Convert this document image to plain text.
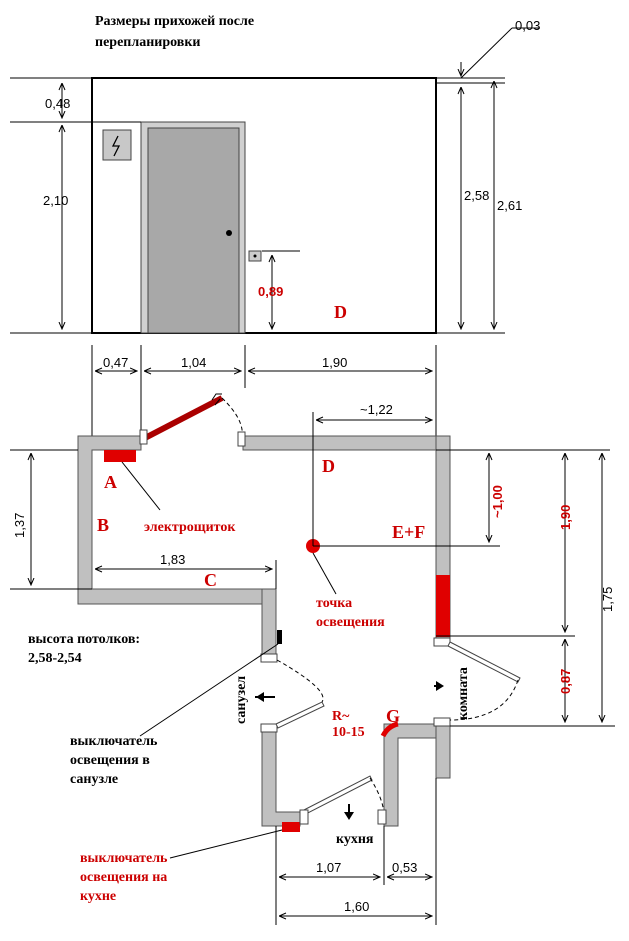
Размеры прихожей после
перепланировки
0,48
2,10
0,03
2,58
2,61
0,89
D
0,47	1,04	1,90
~1,22
~1,00	1,90
1,75
0,87
1,37
1,83
1,07	0,53
1,60
A
B
C
D
E+F
G
R~
10-15
электрощиток
точка
освещения
высота потолков:
2,58-2,54
выключатель
освещения в
санузле
выключатель
освещения на
кухне
санузел
кухня
комната
